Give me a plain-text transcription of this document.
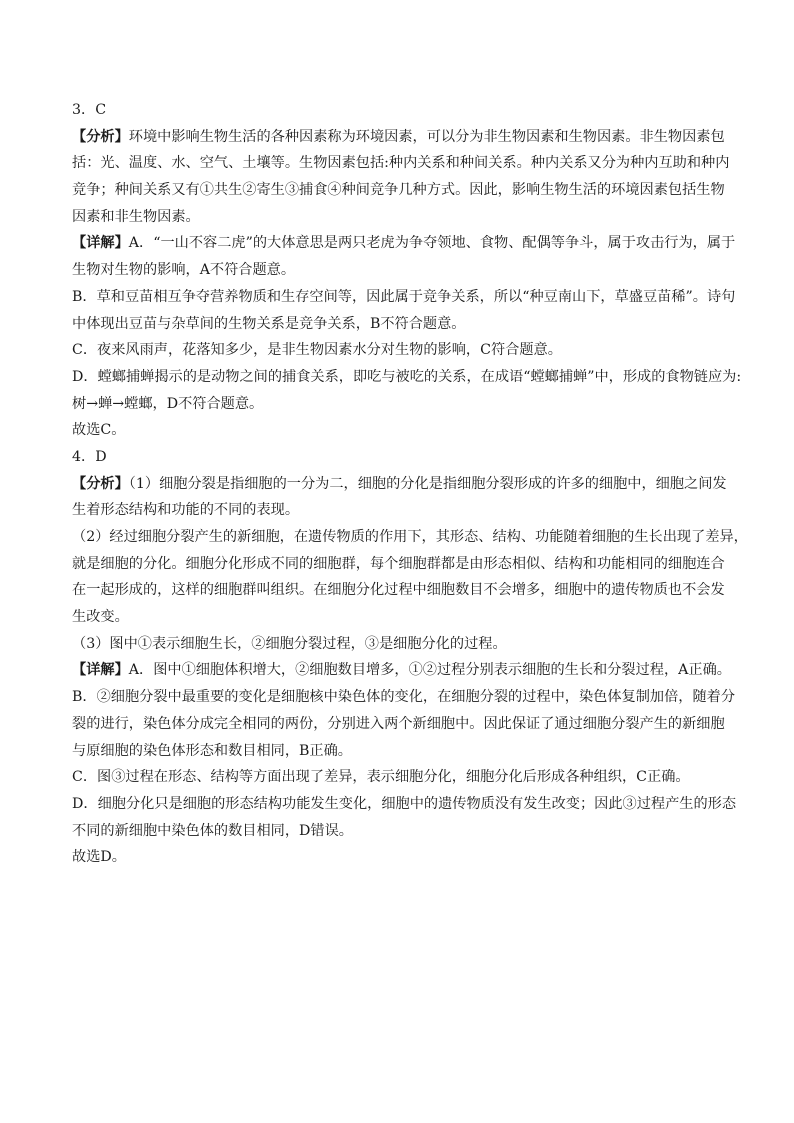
3．C
【分析】环境中影响生物生活的各种因素称为环境因素，可以分为非生物因素和生物因素。非生物因素包
括：光、温度、水、空气、土壤等。生物因素包括:种内关系和种间关系。种内关系又分为种内互助和种内
竞争；种间关系又有①共生②寄生③捕食④种间竞争几种方式。因此，影响生物生活的环境因素包括生物
因素和非生物因素。
【详解】A．“一山不容二虎”的大体意思是两只老虎为争夺领地、食物、配偶等争斗，属于攻击行为，属于
生物对生物的影响，A不符合题意。
B．草和豆苗相互争夺营养物质和生存空间等，因此属于竞争关系，所以“种豆南山下，草盛豆苗稀”。诗句
中体现出豆苗与杂草间的生物关系是竞争关系，B不符合题意。
C．夜来风雨声，花落知多少，是非生物因素水分对生物的影响，C符合题意。
D．螳螂捕蝉揭示的是动物之间的捕食关系，即吃与被吃的关系，在成语“螳螂捕蝉”中，形成的食物链应为:
树→蝉→螳螂，D不符合题意。
故选C。
4．D
【分析】（1）细胞分裂是指细胞的一分为二，细胞的分化是指细胞分裂形成的许多的细胞中，细胞之间发
生着形态结构和功能的不同的表现。
（2）经过细胞分裂产生的新细胞，在遗传物质的作用下，其形态、结构、功能随着细胞的生长出现了差异，
就是细胞的分化。细胞分化形成不同的细胞群，每个细胞群都是由形态相似、结构和功能相同的细胞连合
在一起形成的，这样的细胞群叫组织。在细胞分化过程中细胞数目不会增多，细胞中的遗传物质也不会发
生改变。
（3）图中①表示细胞生长，②细胞分裂过程，③是细胞分化的过程。
【详解】A．图中①细胞体积增大，②细胞数目增多，①②过程分别表示细胞的生长和分裂过程，A正确。
B．②细胞分裂中最重要的变化是细胞核中染色体的变化，在细胞分裂的过程中，染色体复制加倍，随着分
裂的进行，染色体分成完全相同的两份，分别进入两个新细胞中。因此保证了通过细胞分裂产生的新细胞
与原细胞的染色体形态和数目相同，B正确。
C．图③过程在形态、结构等方面出现了差异，表示细胞分化，细胞分化后形成各种组织，C正确。
D．细胞分化只是细胞的形态结构功能发生变化，细胞中的遗传物质没有发生改变；因此③过程产生的形态
不同的新细胞中染色体的数目相同，D错误。
故选D。
